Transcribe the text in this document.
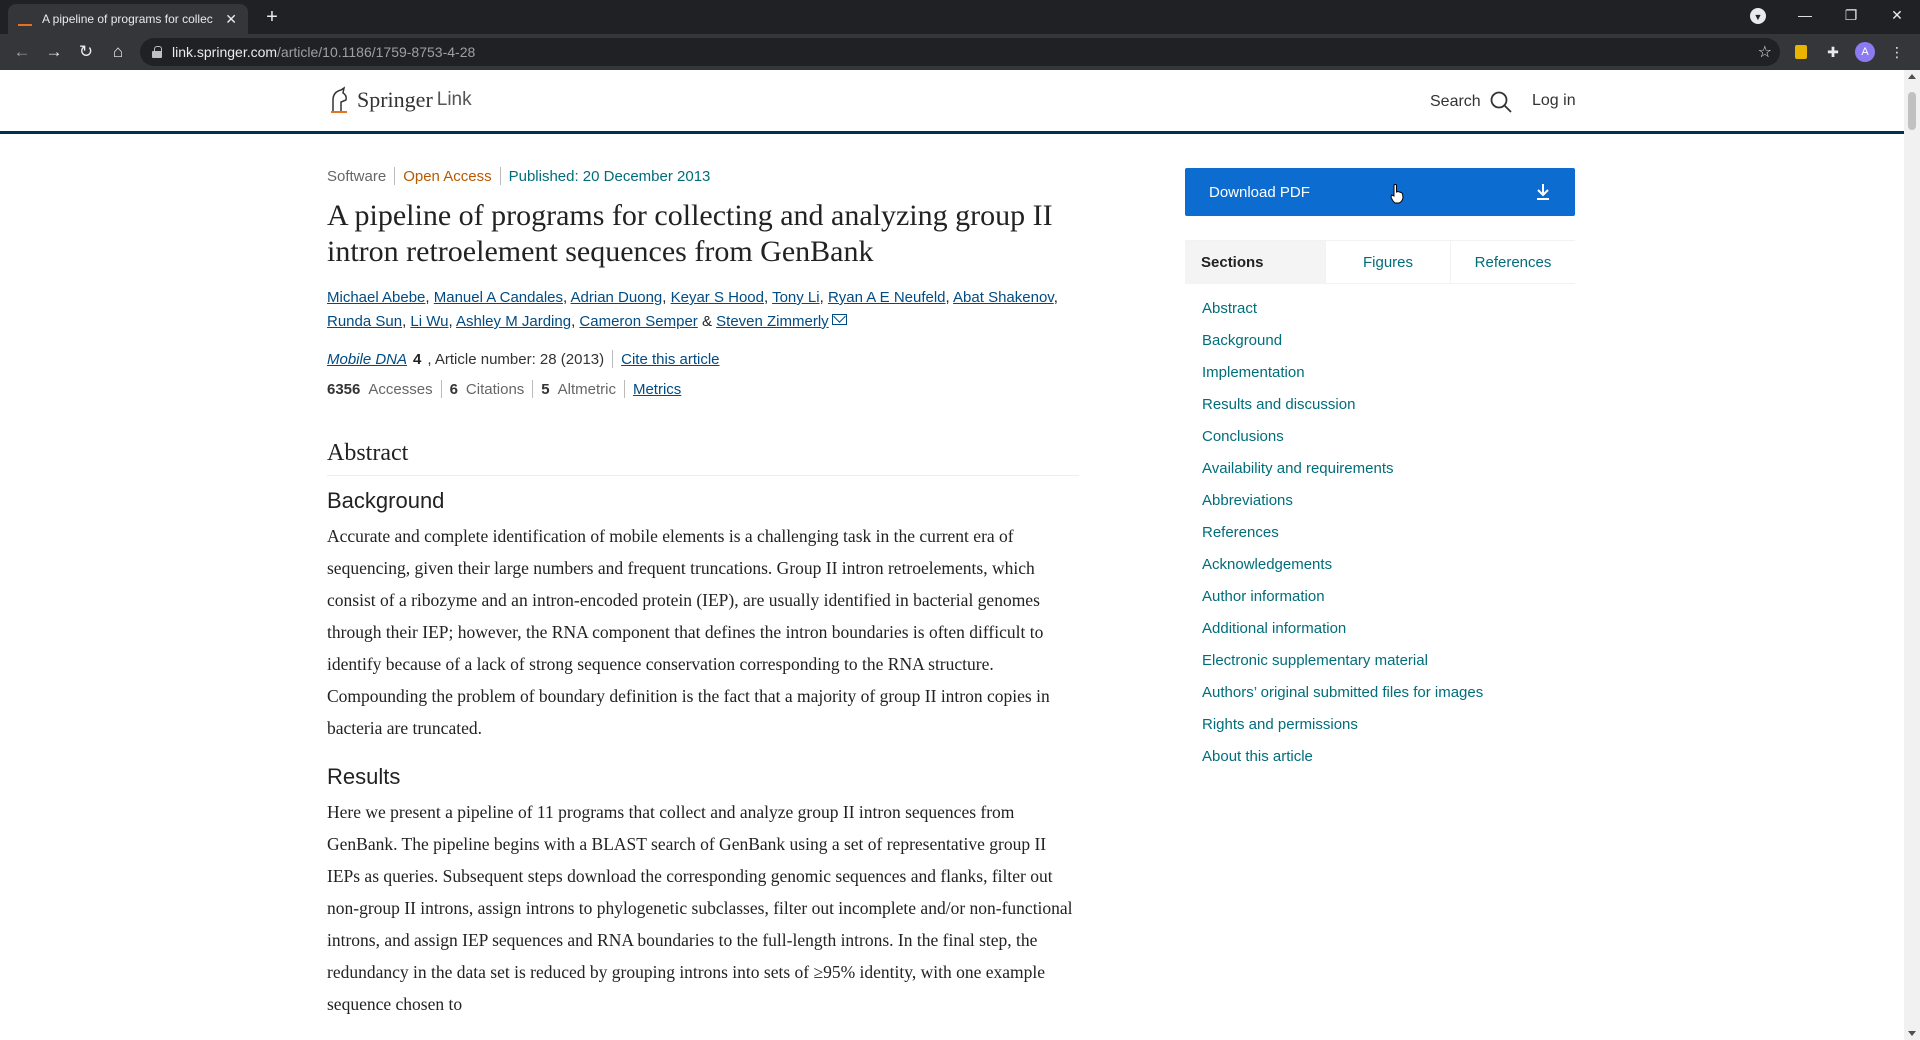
A pipeline of programs for collec ✕	+	▼	—	❐	✕
← → ↻	⌂	link.springer.com /article/10.1186/1759-8753-4-28	☆	✚	A	⋮
Springer Link	Search	Log in
Software Open Access Published: 20 December 2013
A pipeline of programs for collecting and analyzing group II intron retroelement sequences from GenBank
Michael Abebe, Manuel A Candales, Adrian Duong, Keyar S Hood, Tony Li, Ryan A E Neufeld, Abat Shakenov, Runda Sun, Li Wu, Ashley M Jarding, Cameron Semper & Steven Zimmerly
Mobile DNA 4 , Article number: 28 (2013) Cite this article
6356 Accesses 6 Citations 5 Altmetric Metrics
Abstract
Background

Accurate and complete identification of mobile elements is a challenging task in the current era of sequencing, given their large numbers and frequent truncations. Group II intron retroelements, which consist of a ribozyme and an intron-encoded protein (IEP), are usually identified in bacterial genomes through their IEP; however, the RNA component that defines the intron boundaries is often difficult to identify because of a lack of strong sequence conservation corresponding to the RNA structure. Compounding the problem of boundary definition is the fact that a majority of group II intron copies in bacteria are truncated.

Results

Here we present a pipeline of 11 programs that collect and analyze group II intron sequences from GenBank. The pipeline begins with a BLAST search of GenBank using a set of representative group II IEPs as queries. Subsequent steps download the corresponding genomic sequences and flanks, filter out non-group II introns, assign introns to phylogenetic subclasses, filter out incomplete and/or non-functional introns, and assign IEP sequences and RNA boundaries to the full-length introns. In the final step, the redundancy in the data set is reduced by grouping introns into sets of ≥95% identity, with one example sequence chosen to

Download PDF
Sections	Figures	References
Abstract
Background
Implementation
Results and discussion
Conclusions
Availability and requirements
Abbreviations
References
Acknowledgements
Author information
Additional information
Electronic supplementary material
Authors’ original submitted files for images
Rights and permissions
About this article
